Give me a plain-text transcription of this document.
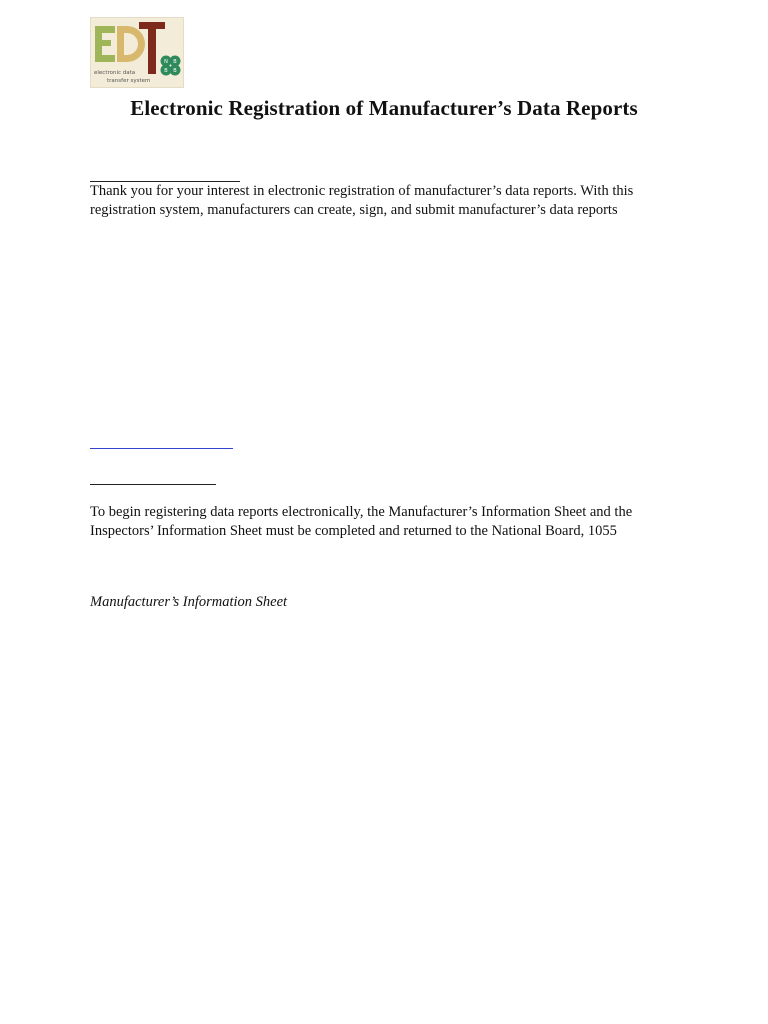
N B
B B
electronic data
transfer system
Electronic Registration of Manufacturer’s Data Reports
Thank you for your interest in electronic registration of manufacturer’s data reports. With this
registration system, manufacturers can create, sign, and submit manufacturer’s data reports
To begin registering data reports electronically, the Manufacturer’s Information Sheet and the
Inspectors’ Information Sheet must be completed and returned to the National Board, 1055
Manufacturer’s Information Sheet
